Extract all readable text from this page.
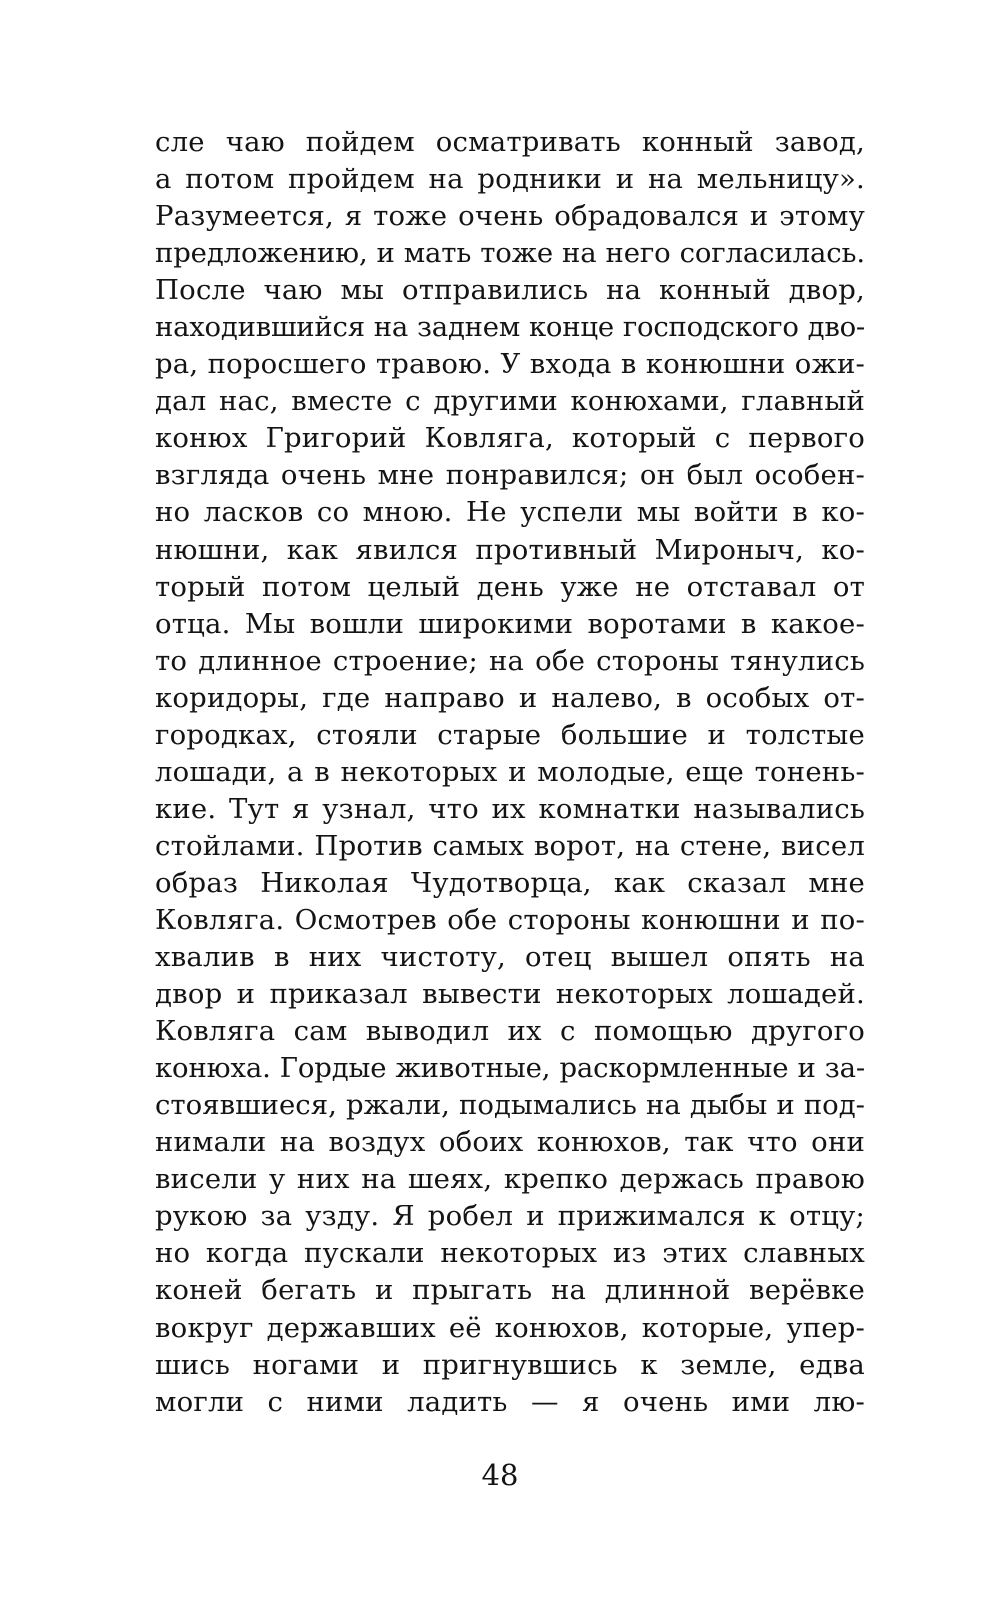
сле чаю пойдем осматривать конный завод,
а потом пройдем на родники и на мельницу».
Разумеется, я тоже очень обрадовался и этому
предложению, и мать тоже на него согласилась.
После чаю мы отправились на конный двор,
находившийся на заднем конце господского дво-
ра, поросшего травою. У входа в конюшни ожи-
дал нас, вместе с другими конюхами, главный
конюх Григорий Ковляга, который с первого
взгляда очень мне понравился; он был особен-
но ласков со мною. Не успели мы войти в ко-
нюшни, как явился противный Мироныч, ко-
торый потом целый день уже не отставал от
отца. Мы вошли широкими воротами в какое-
то длинное строение; на обе стороны тянулись
коридоры, где направо и налево, в особых от-
городках, стояли старые большие и толстые
лошади, а в некоторых и молодые, еще тонень-
кие. Тут я узнал, что их комнатки назывались
стойлами. Против самых ворот, на стене, висел
образ Николая Чудотворца, как сказал мне
Ковляга. Осмотрев обе стороны конюшни и по-
хвалив в них чистоту, отец вышел опять на
двор и приказал вывести некоторых лошадей.
Ковляга сам выводил их с помощью другого
конюха. Гордые животные, раскормленные и за-
стоявшиеся, ржали, подымались на дыбы и под-
нимали на воздух обоих конюхов, так что они
висели у них на шеях, крепко держась правою
рукою за узду. Я робел и прижимался к отцу;
но когда пускали некоторых из этих славных
коней бегать и прыгать на длинной верёвке
вокруг державших её конюхов, которые, упер-
шись ногами и пригнувшись к земле, едва
могли с ними ладить — я очень ими лю-
48
